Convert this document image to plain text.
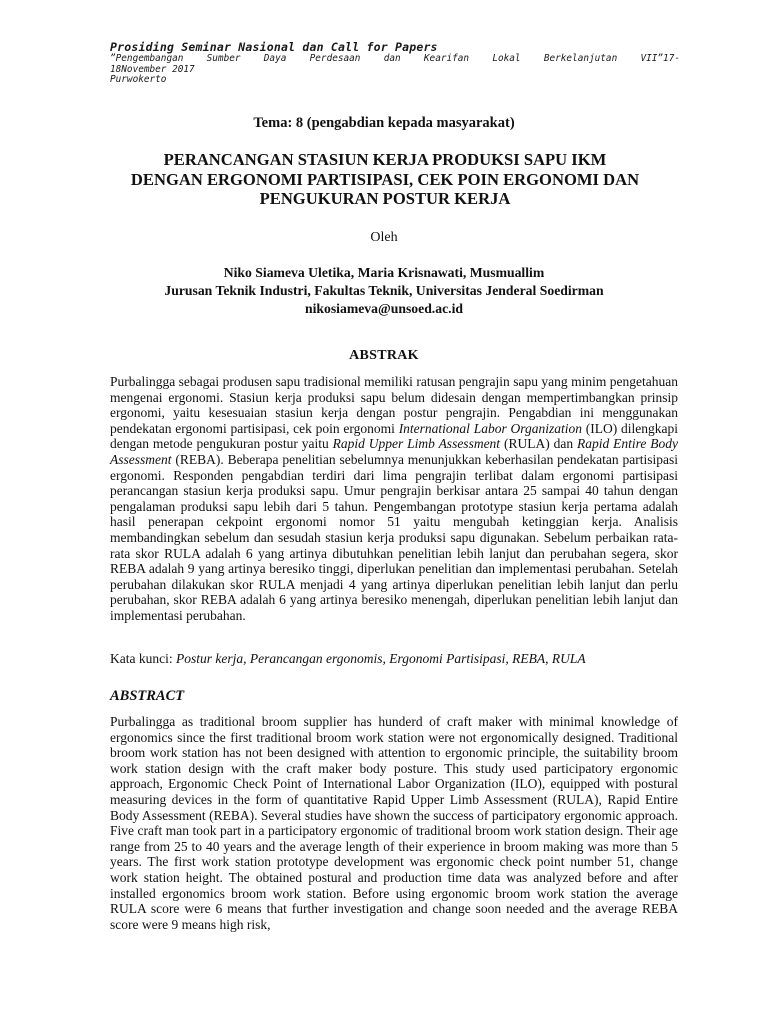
Prosiding Seminar Nasional dan Call for Papers
”Pengembangan Sumber Daya Perdesaan dan Kearifan Lokal Berkelanjutan VII”17-
18November 2017
Purwokerto
Tema: 8 (pengabdian kepada masyarakat)
PERANCANGAN STASIUN KERJA PRODUKSI SAPU IKM
DENGAN ERGONOMI PARTISIPASI, CEK POIN ERGONOMI DAN
PENGUKURAN POSTUR KERJA
Oleh
Niko Siameva Uletika, Maria Krisnawati, Musmuallim
Jurusan Teknik Industri, Fakultas Teknik, Universitas Jenderal Soedirman
nikosiameva@unsoed.ac.id
ABSTRAK

Purbalingga sebagai produsen sapu tradisional memiliki ratusan pengrajin sapu yang minim pengetahuan mengenai ergonomi. Stasiun kerja produksi sapu belum didesain dengan mempertimbangkan prinsip ergonomi, yaitu kesesuaian stasiun kerja dengan postur pengrajin. Pengabdian ini menggunakan pendekatan ergonomi partisipasi, cek poin ergonomi International Labor Organization (ILO) dilengkapi dengan metode pengukuran postur yaitu Rapid Upper Limb Assessment (RULA) dan Rapid Entire Body Assessment (REBA). Beberapa penelitian sebelumnya menunjukkan keberhasilan pendekatan partisipasi ergonomi. Responden pengabdian terdiri dari lima pengrajin terlibat dalam ergonomi partisipasi perancangan stasiun kerja produksi sapu. Umur pengrajin berkisar antara 25 sampai 40 tahun dengan pengalaman produksi sapu lebih dari 5 tahun. Pengembangan prototype stasiun kerja pertama adalah hasil penerapan cekpoint ergonomi nomor 51 yaitu mengubah ketinggian kerja. Analisis membandingkan sebelum dan sesudah stasiun kerja produksi sapu digunakan. Sebelum perbaikan rata-rata skor RULA adalah 6 yang artinya dibutuhkan penelitian lebih lanjut dan perubahan segera, skor REBA adalah 9 yang artinya beresiko tinggi, diperlukan penelitian dan implementasi perubahan. Setelah perubahan dilakukan skor RULA menjadi 4 yang artinya diperlukan penelitian lebih lanjut dan perlu perubahan, skor REBA adalah 6 yang artinya beresiko menengah, diperlukan penelitian lebih lanjut dan implementasi perubahan.

Kata kunci: Postur kerja, Perancangan ergonomis, Ergonomi Partisipasi, REBA, RULA
ABSTRACT

Purbalingga as traditional broom supplier has hunderd of craft maker with minimal knowledge of ergonomics since the first traditional broom work station were not ergonomically designed. Traditional broom work station has not been designed with attention to ergonomic principle, the suitability broom work station design with the craft maker body posture. This study used participatory ergonomic approach, Ergonomic Check Point of International Labor Organization (ILO), equipped with postural measuring devices in the form of quantitative Rapid Upper Limb Assessment (RULA), Rapid Entire Body Assessment (REBA). Several studies have shown the success of participatory ergonomic approach. Five craft man took part in a participatory ergonomic of traditional broom work station design. Their age range from 25 to 40 years and the average length of their experience in broom making was more than 5 years. The first work station prototype development was ergonomic check point number 51, change work station height. The obtained postural and production time data was analyzed before and after installed ergonomics broom work station. Before using ergonomic broom work station the average RULA score were 6 means that further investigation and change soon needed and the average REBA score were 9 means high risk,
